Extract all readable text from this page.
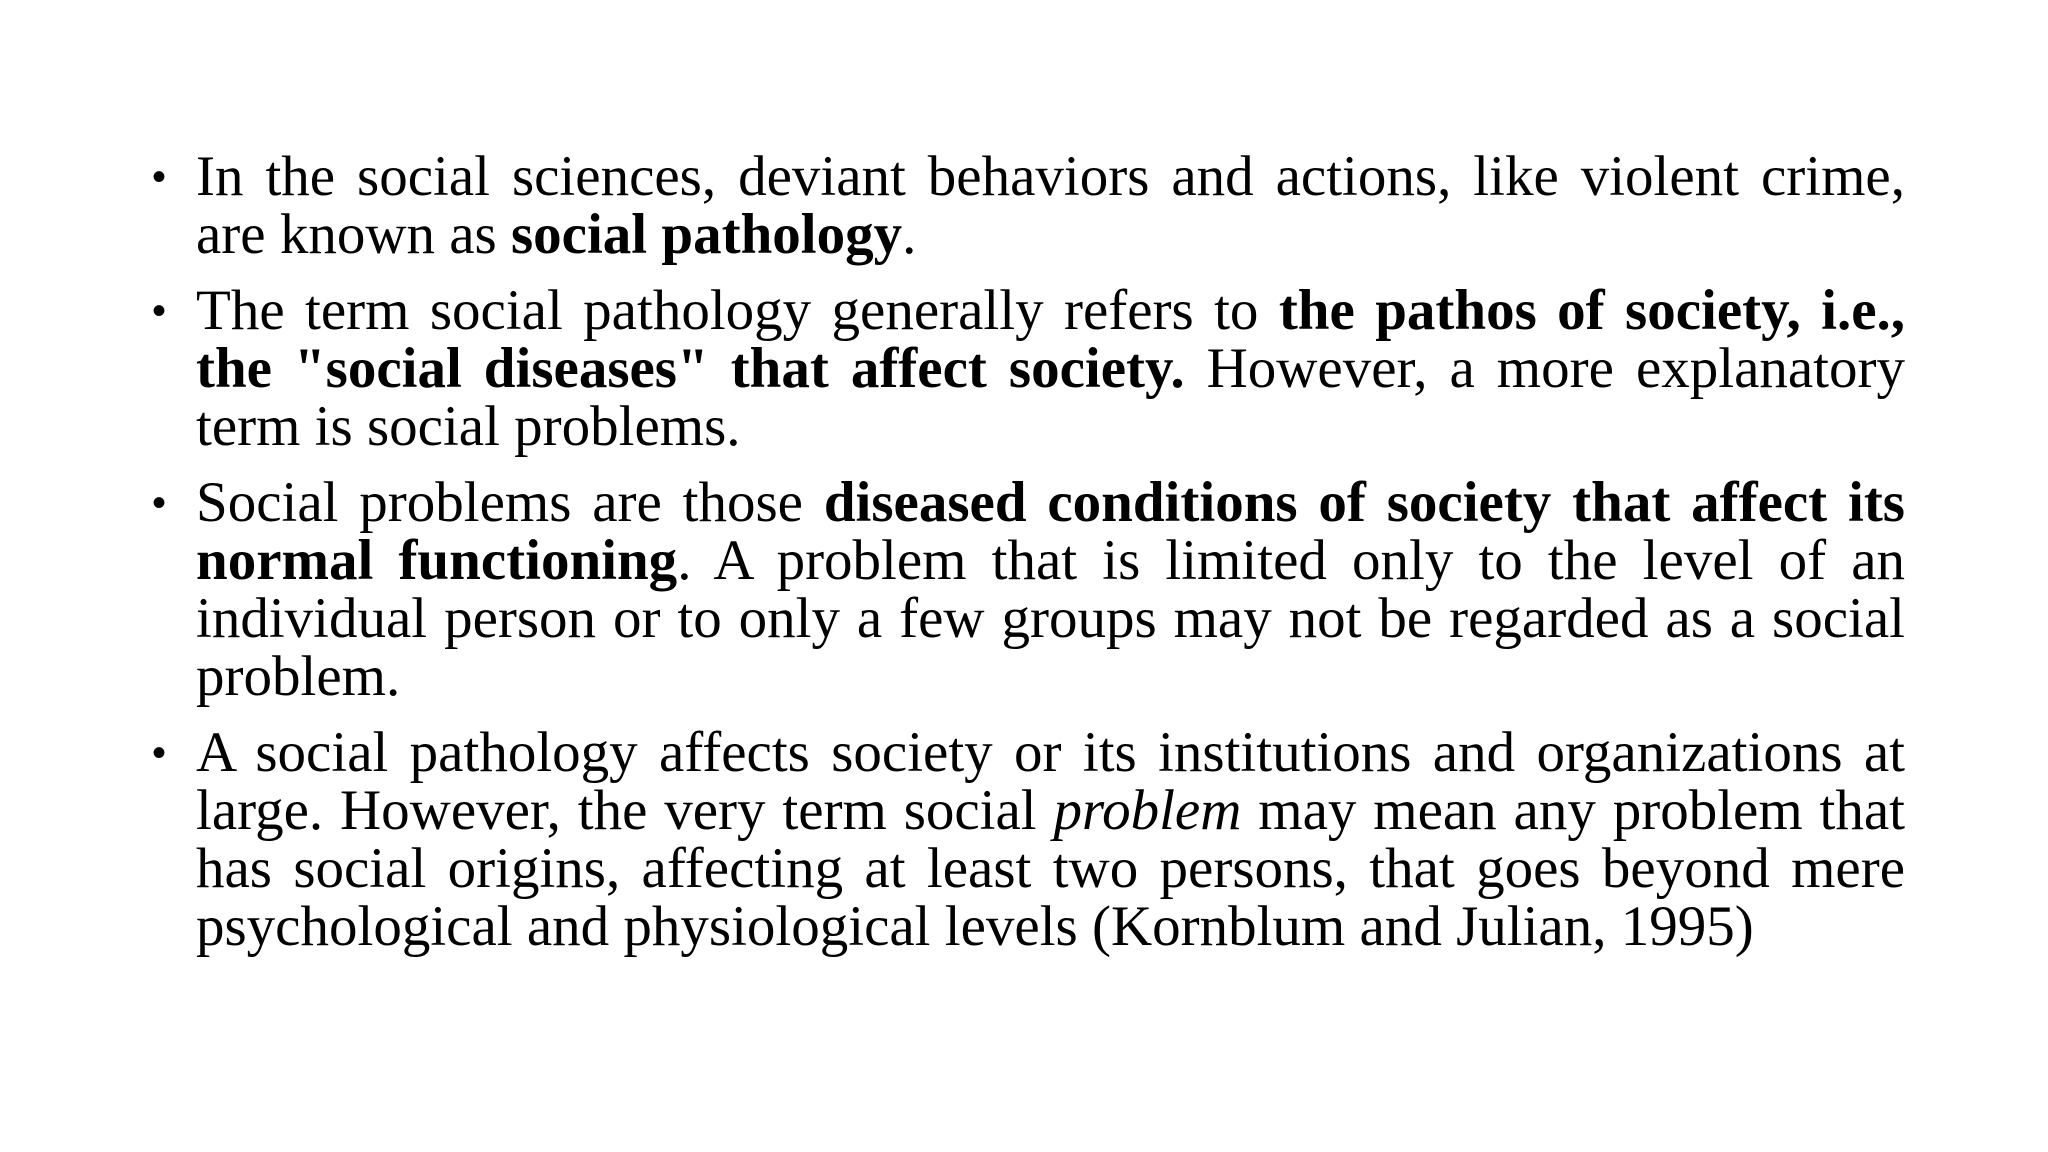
• In the social sciences, deviant behaviors and actions, like violent crime, are known as social pathology.
• The term social pathology generally refers to the pathos of society, i.e., the "social diseases" that affect society. However, a more explanatory term is social problems.
• Social problems are those diseased conditions of society that affect its normal functioning. A problem that is limited only to the level of an individual person or to only a few groups may not be regarded as a social problem.
• A social pathology affects society or its institutions and organizations at large. However, the very term social problem may mean any problem that has social origins, affecting at least two persons, that goes beyond mere psychological and physiological levels (Kornblum and Julian, 1995)
